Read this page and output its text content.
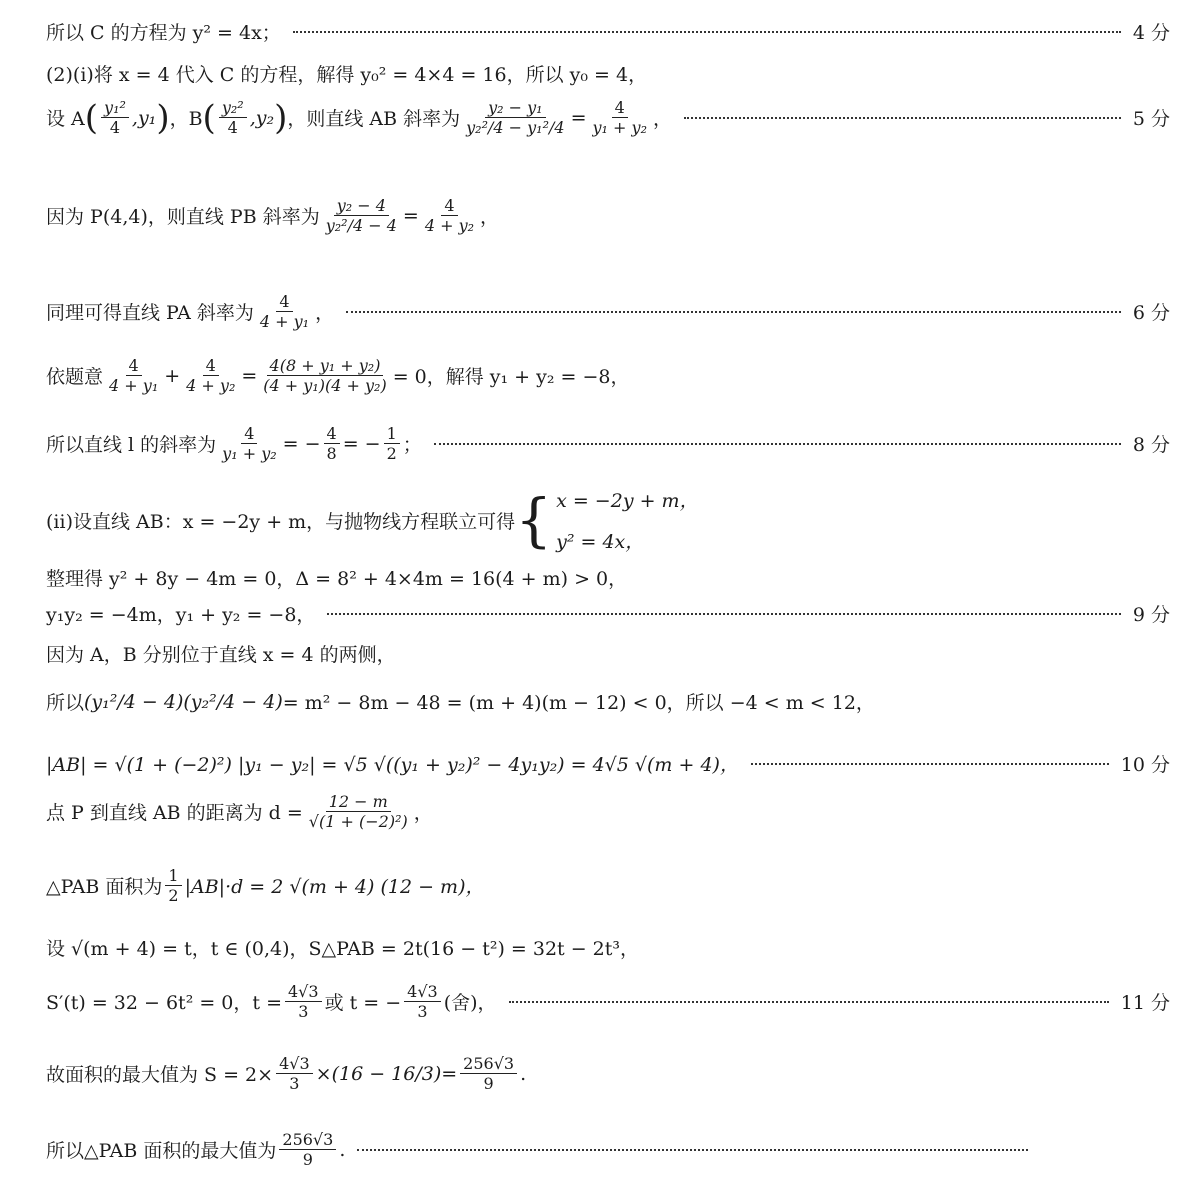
所以 C 的方程为 y² = 4x；	4 分
(2)(ⅰ)将 x = 4 代入 C 的方程，解得 y₀² = 4×4 = 16，所以 y₀ = 4，
设 A ( $\frac{\text{y₁²}}{4}$ , y₁ ) ，B ( $\frac{\text{y₂²}}{4}$ , y₂ ) ，则直线 AB 斜率为 $\frac{\text{y₂ − y₁}}{\text{y₂²/4 − y₁²/4}} = \frac{4}{\text{y₁ + y₂}}$ ，	5 分
因为 P(4,4)，则直线 PB 斜率为 $\frac{\text{y₂ − 4}}{\text{y₂²/4 − 4}} = \frac{4}{\text{4 + y₂}}$ ，
同理可得直线 PA 斜率为 $\frac{4}{\text{4 + y₁}}$ ，	6 分
依题意 $\frac{4}{\text{4 + y₁}} + \frac{4}{\text{4 + y₂}} = \frac{\text{4(8 + y₁ + y₂)}}{\text{(4 + y₁)(4 + y₂)}} = 0$，解得 y₁ + y₂ = −8，
所以直线 l 的斜率为 $\frac{4}{\text{y₁ + y₂}}$ = − $\frac{4}{8}$ = − $\frac{1}{2}$ ；	8 分
(ⅱ)设直线 AB：x = −2y + m，与抛物线方程联立可得 { x = −2y + m，
y² = 4x，
整理得 y² + 8y − 4m = 0，Δ = 8² + 4×4m = 16(4 + m) > 0，
y₁y₂ = −4m，y₁ + y₂ = −8，	9 分
因为 A，B 分别位于直线 x = 4 的两侧，
所以 (y₁²/4 − 4) (y₂²/4 − 4) = m² − 8m − 48 = (m + 4)(m − 12) < 0，所以 −4 < m < 12，
|AB| = √(1 + (−2)²) |y₁ − y₂| = √5 √((y₁ + y₂)² − 4y₁y₂) = 4√5 √(m + 4)，	10 分
点 P 到直线 AB 的距离为 $d = \frac{12 - m}{\text{√(1 + (−2)²)}}$ ，
△PAB 面积为 $\frac{1}{2} |AB|\cdot d = 2$ √(m + 4) (12 − m)，
设 √(m + 4) = t，t ∈ (0,4)，S△PAB = 2t(16 − t²) = 32t − 2t³，
S′(t) = 32 − 6t² = 0，$t = \frac{4√3}{3}$ 或 t = − $\frac{4√3}{3}$ (舍)，	11 分
故面积的最大值为 $S = 2\times \frac{4√3}{3} \times (16 - 16/3) = \frac{256√3}{9}$ .
所以△PAB 面积的最大值为 $\frac{256√3}{9}$ .
